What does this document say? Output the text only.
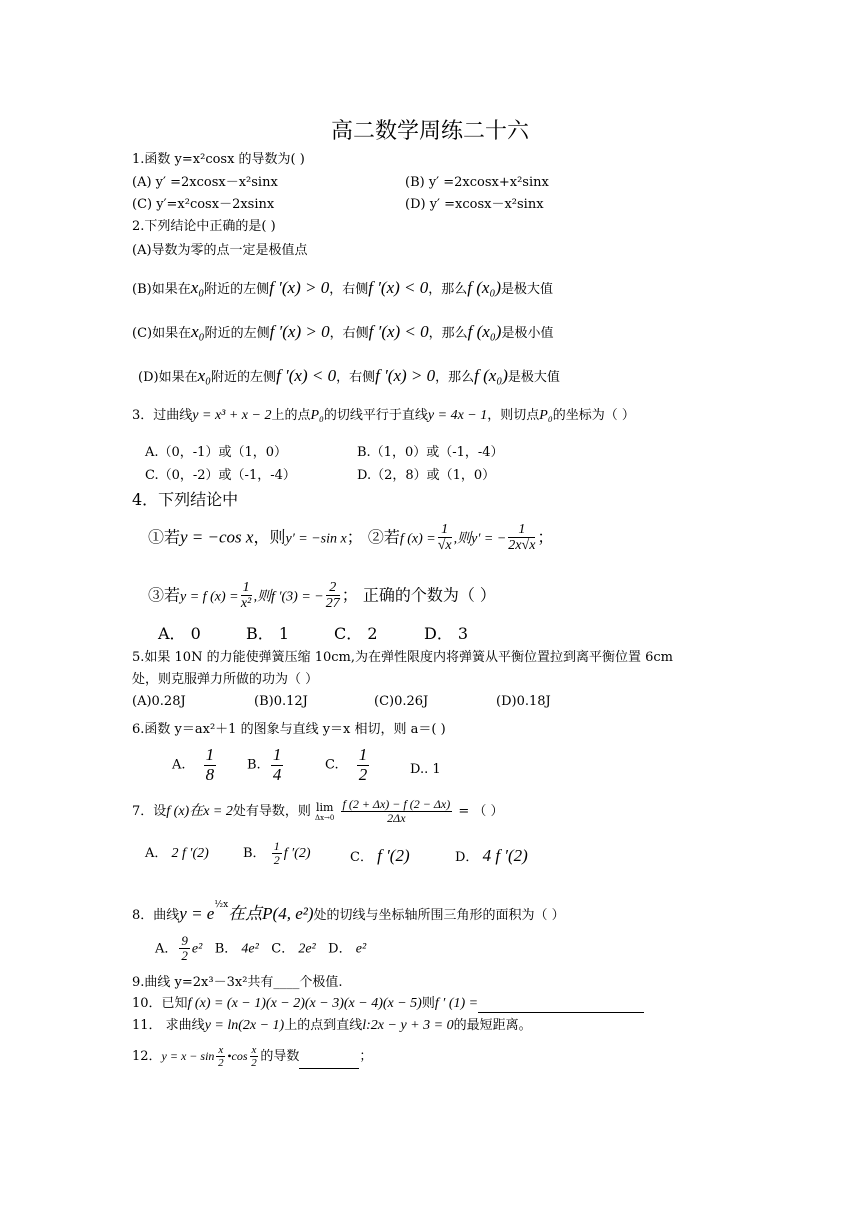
高二数学周练二十六
1.函数 y=x²cosx 的导数为( )
(A) y′ =2xcosx－x²sinx	(B) y′ =2xcosx+x²sinx
(C) y′=x²cosx－2xsinx	(D) y′ =xcosx－x²sinx
2.下列结论中正确的是( )
(A)导数为零的点一定是极值点
(B)如果在x₀附近的左侧f ′(x) > 0，右侧f ′(x) < 0，那么f (x₀)是极大值
(C)如果在x₀附近的左侧f ′(x) > 0，右侧f ′(x) < 0，那么f (x₀)是极小值
(D)如果在x₀附近的左侧f ′(x) < 0，右侧f ′(x) > 0，那么f (x₀)是极大值
3．过曲线y = x³ + x − 2上的点P₀的切线平行于直线y = 4x − 1，则切点P₀的坐标为（ ）
A.（0，-1）或（1，0）	B.（1，0）或（-1，-4）
C.（0，-2）或（-1，-4）	D.（2，8）或（1，0）
4．下列结论中
①若y = −cos x，则y′ = −sin x； ②若f $(x) = \frac{1}{√x}$ ,则y′ = − $\frac{1}{2x√x}$ ；
③若y = f $(x) = \frac{1}{\text{x²}}$ ,则f ′(3) = − $\frac{2}{27}$ ； 正确的个数为（ ）
A． 0	B． 1	C． 2	D． 3
5.如果 10N 的力能使弹簧压缩 10cm,为在弹性限度内将弹簧从平衡位置拉到离平衡位置 6cm
处，则克服弹力所做的功为（ ）
(A)0.28J	(B)0.12J	(C)0.26J	(D)0.18J
6.函数 y＝ax²＋1 的图象与直线 y＝x 相切，则 a＝( )
A. $\frac{1}{8} B$. $\frac{1}{4}$	C. $\frac{1}{2}$	D.. 1
7．设f (x)在x = 2处有导数，则 lim
Δx→0
$\frac{f (2 + \Delta x) - f (2 - \Delta x)}{2\Delta x}$ = （ ）
A． 2 f ′(2)	B． $\frac{1}{2}$ f ′(2)	C． f ′(2)	D． 4 f ′(2)
8．曲线$y = e^{\frac{1}{2}x}$在点P(4, e²)处的切线与坐标轴所围三角形的面积为（ ）
A． $\frac{9}{2} e^2$ B． 4e² C． 2e² D． e²
9.曲线 y=2x³－3x²共有____个极值.
10．已知f (x) = (x − 1)(x − 2)(x − 3)(x − 4)(x − 5)则f ′ (1) =
11． 求曲线y = ln(2x − 1)上的点到直线l:2x − y + 3 = 0的最短距离。
12．$y = x - \sin \frac{x}{2}$ •cos $\frac{x}{2}$ 的导数	；
